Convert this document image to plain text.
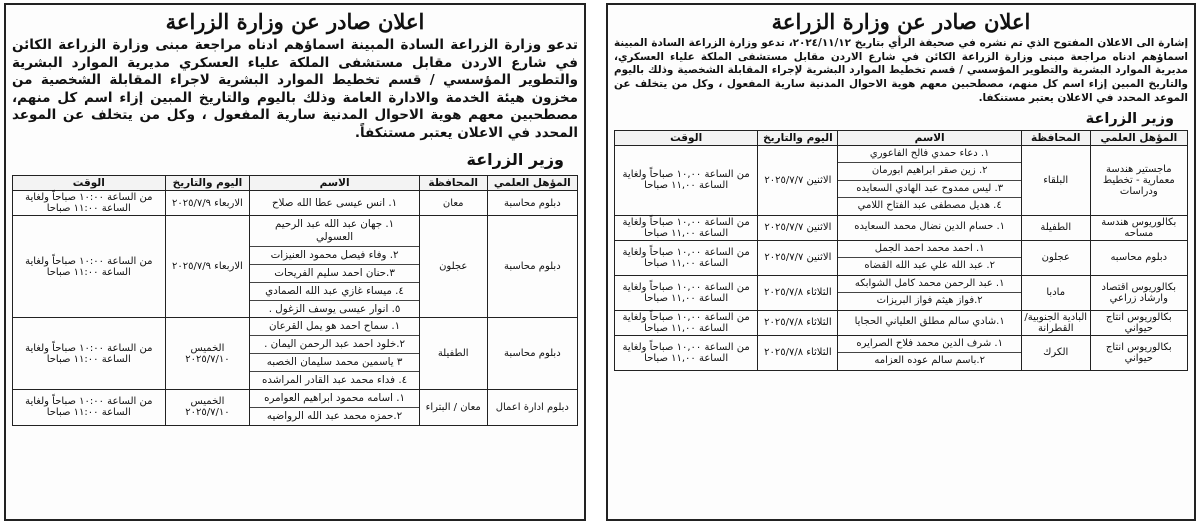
اعلان صادر عن وزارة الزراعة

تدعو وزارة الزراعة السادة المبينة اسماؤهم ادناه مراجعة مبنى وزارة الزراعة الكائن في شارع الاردن مقابل مستشفى الملكة علياء العسكري مديرية الموارد البشرية والتطوير المؤسسي / قسم تخطيط الموارد البشرية لاجراء المقابلة الشخصية من مخزون هيئة الخدمة والادارة العامة وذلك باليوم والتاريخ المبين إزاء اسم كل منهم، مصطحبين معهم هوية الاحوال المدنية سارية المفعول ، وكل من يتخلف عن الموعد المحدد في الاعلان يعتبر مستنكفاً.

وزير الزراعة
المؤهل العلمي	المحافظة	الاسم	اليوم والتاريخ	الوقت
دبلوم محاسبة	معان	١. انس عيسى عطا الله صلاح	الاربعاء ٢٠٢٥/٧/٩	من الساعة ١٠:٠٠ صباحاً ولغاية الساعة ١١:٠٠ صباحا
دبلوم محاسبة	عجلون	١. جهان عبد الله عبد الرحيم العسولي
٢. وفاء فيصل محمود العنيزات
٣.حنان احمد سليم الفريحات
٤. ميساء غازي عبد الله الصمادي
٥. انوار عيسى يوسف الزغول .	الاربعاء ٢٠٢٥/٧/٩	من الساعة ١٠:٠٠ صباحاً ولغاية الساعة ١١:٠٠ صباحا
دبلوم محاسبة	الطفيلة	١. سماح احمد هو يمل القرعان
٢.خلود احمد عبد الرحمن اليمان .
٣ ياسمين محمد سليمان الخصبه
٤. فداء محمد عبد القادر المراشده	الخميس ٢٠٢٥/٧/١٠	من الساعة ١٠:٠٠ صباحاً ولغاية الساعة ١١:٠٠ صباحا
دبلوم ادارة اعمال	معان / البتراء	١. اسامه محمود ابراهيم العوامره
٢.حمزه محمد عبد الله الرواضيه	الخميس ٢٠٢٥/٧/١٠	من الساعة ١٠:٠٠ صباحاً ولغاية الساعة ١١:٠٠ صباحا
اعلان صادر عن وزارة الزراعة

إشارة الى الاعلان المفتوح الذي تم نشره في صحيفة الرأي بتاريخ ٢٠٢٤/١١/١٢، تدعو وزارة الزراعة السادة المبينة اسماؤهم ادناه مراجعة مبنى وزارة الزراعة الكائن في شارع الاردن مقابل مستشفى الملكة علياء العسكري، مديرية الموارد البشرية والتطوير المؤسسي / قسم تخطيط الموارد البشرية لإجراء المقابلة الشخصية وذلك باليوم والتاريخ المبين إزاء اسم كل منهم، مصطحبين معهم هوية الاحوال المدنية سارية المفعول ، وكل من يتخلف عن الموعد المحدد في الاعلان يعتبر مستنكفا.

وزير الزراعة
المؤهل العلمي	المحافظة	الاسم	اليوم والتاريخ	الوقت
ماجستير هندسة معمارية - تخطيط ودراسات	البلقاء	١. دعاء حمدي فالح الفاعوري
٢. زين صقر ابراهيم ابورمان
٣. ليس ممدوح عبد الهادي السعايده
٤. هديل مصطفى عبد الفتاح اللامي	الاثنين ٢٠٢٥/٧/٧	من الساعة ١٠,٠٠ صباحاً ولغاية الساعة ١١,٠٠ صباحا
بكالوريوس هندسة مساحه	الطفيلة	١. حسام الدين نضال محمد السعايده	الاثنين ٢٠٢٥/٧/٧	من الساعة ١٠,٠٠ صباحاً ولغاية الساعة ١١,٠٠ صباحا
دبلوم محاسبه	عجلون	١. احمد محمد احمد الجمل
٢. عبد الله علي عبد الله القضاه	الاثنين ٢٠٢٥/٧/٧	من الساعة ١٠,٠٠ صباحاً ولغاية الساعة ١١,٠٠ صباحا
بكالوريوس اقتصاد وارشاد زراعي	مادبا	١. عبد الرحمن محمد كامل الشوابكه
٢.فواز هيثم فواز البريزات	الثلاثاء ٢٠٢٥/٧/٨	من الساعة ١٠,٠٠ صباحاً ولغاية الساعة ١١,٠٠ صباحا
بكالوريوس انتاج حيواني	البادية الجنوبية/ القطرانة	١.شادي سالم مطلق العلياني الحجايا	الثلاثاء ٢٠٢٥/٧/٨	من الساعة ١٠,٠٠ صباحاً ولغاية الساعة ١١,٠٠ صباحا
بكالوريوس انتاج حيواني	الكرك	١. شرف الدين محمد فلاح الصرايره
٢.باسم سالم عوده العزامه	الثلاثاء ٢٠٢٥/٧/٨	من الساعة ١٠,٠٠ صباحاً ولغاية الساعة ١١,٠٠ صباحا
